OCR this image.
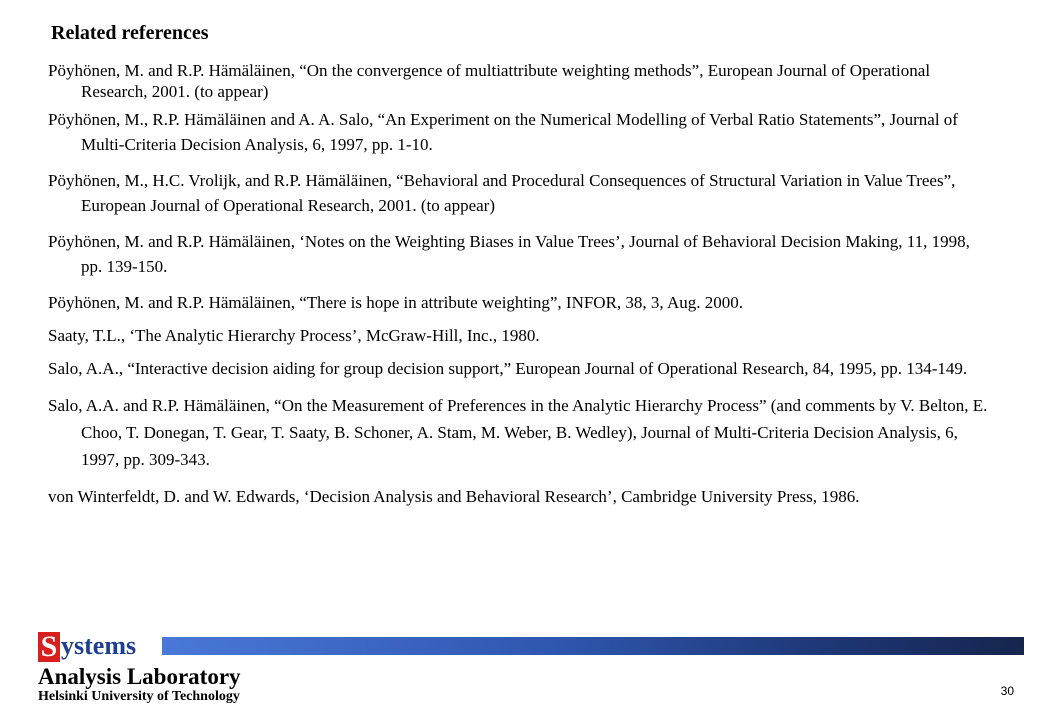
Related references
Pöyhönen, M. and R.P. Hämäläinen, “On the convergence of multiattribute weighting methods”, European Journal of Operational Research, 2001. (to appear)
Pöyhönen, M., R.P. Hämäläinen and A. A. Salo, “An Experiment on the Numerical Modelling of Verbal Ratio Statements”, Journal of Multi-Criteria Decision Analysis, 6, 1997, pp. 1-10.
Pöyhönen, M., H.C. Vrolijk, and R.P. Hämäläinen, “Behavioral and Procedural Consequences of Structural Variation in Value Trees”, European Journal of Operational Research, 2001. (to appear)
Pöyhönen, M. and R.P. Hämäläinen, ‘Notes on the Weighting Biases in Value Trees’, Journal of Behavioral Decision Making, 11, 1998, pp. 139-150.
Pöyhönen, M. and R.P. Hämäläinen, “There is hope in attribute weighting”, INFOR, 38, 3, Aug. 2000.
Saaty, T.L., ‘The Analytic Hierarchy Process’, McGraw-Hill, Inc., 1980.
Salo, A.A., “Interactive decision aiding for group decision support,” European Journal of Operational Research, 84, 1995, pp. 134-149.
Salo, A.A. and R.P. Hämäläinen, “On the Measurement of Preferences in the Analytic Hierarchy Process” (and comments by V. Belton, E. Choo, T. Donegan, T. Gear, T. Saaty, B. Schoner, A. Stam, M. Weber, B. Wedley), Journal of Multi-Criteria Decision Analysis, 6, 1997, pp. 309-343.
von Winterfeldt, D. and W. Edwards, ‘Decision Analysis and Behavioral Research’, Cambridge University Press, 1986.
S ystems
Analysis Laboratory
Helsinki University of Technology	30
